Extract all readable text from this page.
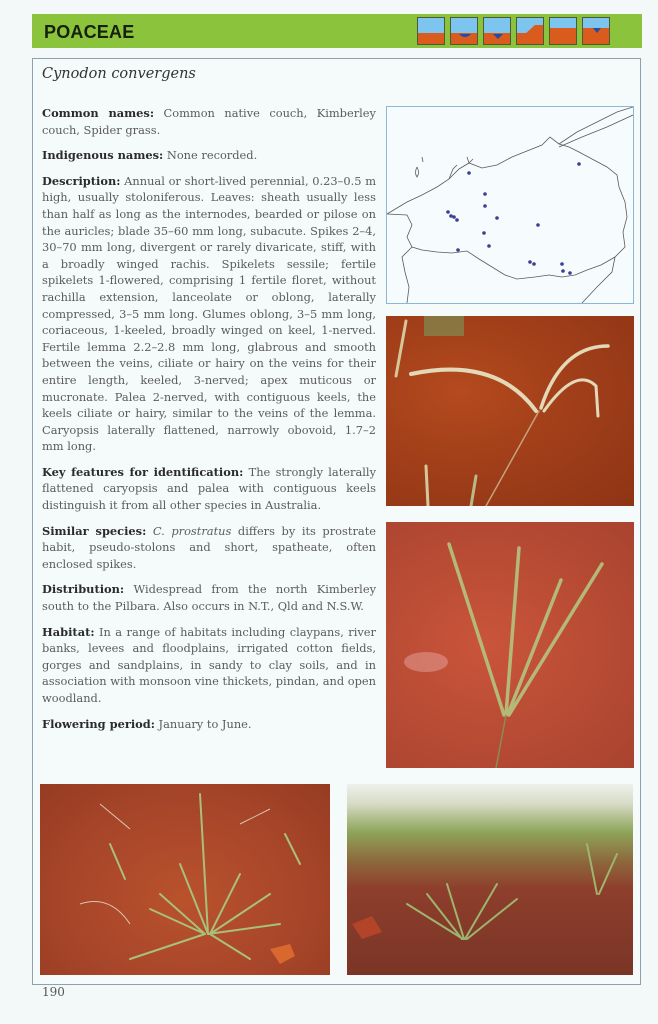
POACEAE
Cynodon convergens

Common names: Common native couch, Kimberley couch, Spider grass.

Indigenous names: None recorded.

Description: Annual or short-lived perennial, 0.23–0.5 m high, usually stoloniferous. Leaves: sheath usually less than half as long as the internodes, bearded or pilose on the auricles; blade 35–60 mm long, subacute. Spikes 2–4, 30–70 mm long, divergent or rarely divaricate, stiff, with a broadly winged rachis. Spikelets sessile; fertile spikelets 1-flowered, comprising 1 fertile floret, without rachilla extension, lanceolate or oblong, laterally compressed, 3–5 mm long. Glumes oblong, 3–5 mm long, coriaceous, 1-keeled, broadly winged on keel, 1-nerved. Fertile lemma 2.2–2.8 mm long, glabrous and smooth between the veins, ciliate or hairy on the veins for their entire length, keeled, 3-nerved; apex muticous or mucronate. Palea 2-nerved, with contiguous keels, the keels ciliate or hairy, similar to the veins of the lemma. Caryopsis laterally flattened, narrowly obovoid, 1.7–2 mm long.

Key features for identification: The strongly laterally flattened caryopsis and palea with contiguous keels distinguish it from all other species in Australia.

Similar species: C. prostratus differs by its prostrate habit, pseudo-stolons and short, spatheate, often enclosed spikes.

Distribution: Widespread from the north Kimberley south to the Pilbara. Also occurs in N.T., Qld and N.S.W.

Habitat: In a range of habitats including claypans, river banks, levees and floodplains, irrigated cotton fields, gorges and sandplains, in sandy to clay soils, and in association with monsoon vine thickets, pindan, and open woodland.

Flowering period: January to June.

190
